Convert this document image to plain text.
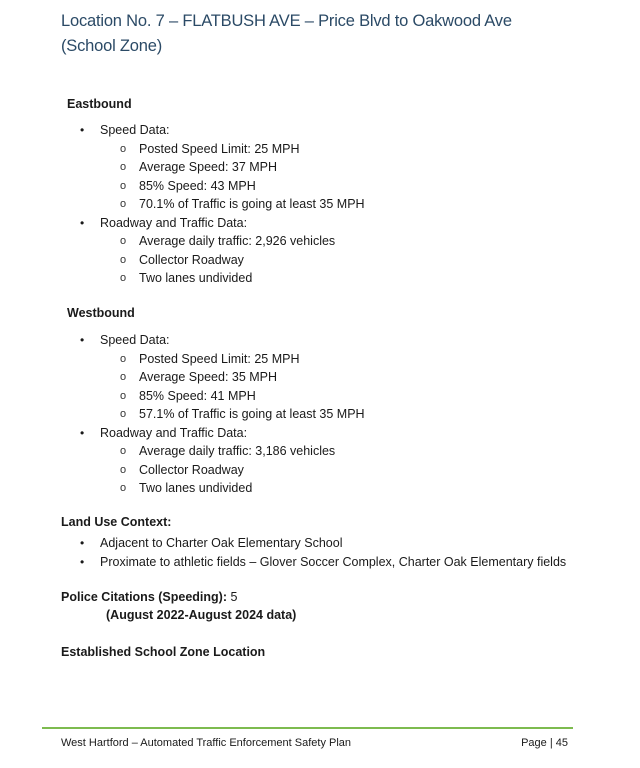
Location No. 7 – FLATBUSH AVE – Price Blvd to Oakwood Ave (School Zone)
Eastbound
•	Speed Data:
o Posted Speed Limit: 25 MPH
o Average Speed: 37 MPH
o 85% Speed: 43 MPH
o 70.1% of Traffic is going at least 35 MPH
•	Roadway and Traffic Data:
o Average daily traffic: 2,926 vehicles
o Collector Roadway
o Two lanes undivided
Westbound
•	Speed Data:
o Posted Speed Limit: 25 MPH
o Average Speed: 35 MPH
o 85% Speed: 41 MPH
o 57.1% of Traffic is going at least 35 MPH
•	Roadway and Traffic Data:
o Average daily traffic: 3,186 vehicles
o Collector Roadway
o Two lanes undivided
Land Use Context:
•	Adjacent to Charter Oak Elementary School
•	Proximate to athletic fields – Glover Soccer Complex, Charter Oak Elementary fields
Police Citations (Speeding): 5
(August 2022-August 2024 data)
Established School Zone Location
West Hartford – Automated Traffic Enforcement Safety Plan	Page | 45
